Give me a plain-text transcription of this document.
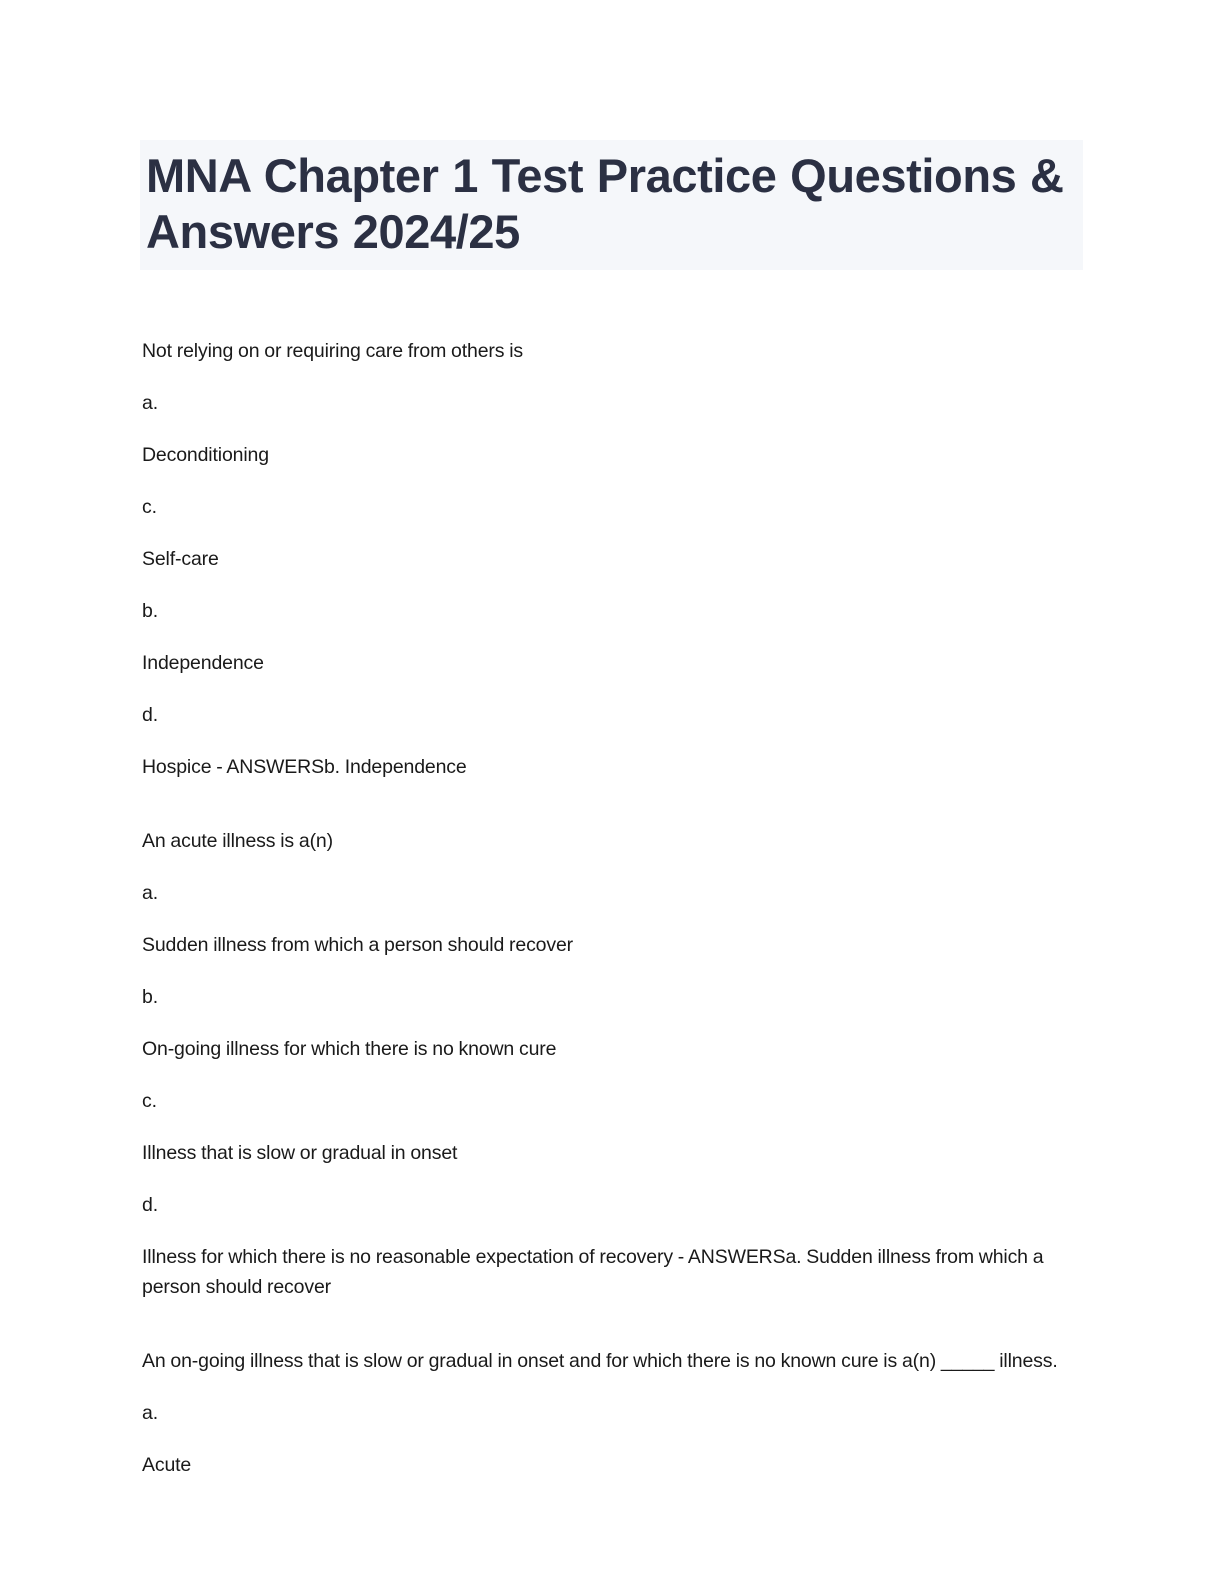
MNA Chapter 1 Test Practice Questions & Answers 2024/25

Not relying on or requiring care from others is

a.

Deconditioning

c.

Self-care

b.

Independence

d.

Hospice - ANSWERSb. Independence

An acute illness is a(n)

a.

Sudden illness from which a person should recover

b.

On-going illness for which there is no known cure

c.

Illness that is slow or gradual in onset

d.

Illness for which there is no reasonable expectation of recovery - ANSWERSa. Sudden illness from which a person should recover

An on-going illness that is slow or gradual in onset and for which there is no known cure is a(n) _____ illness.

a.

Acute
